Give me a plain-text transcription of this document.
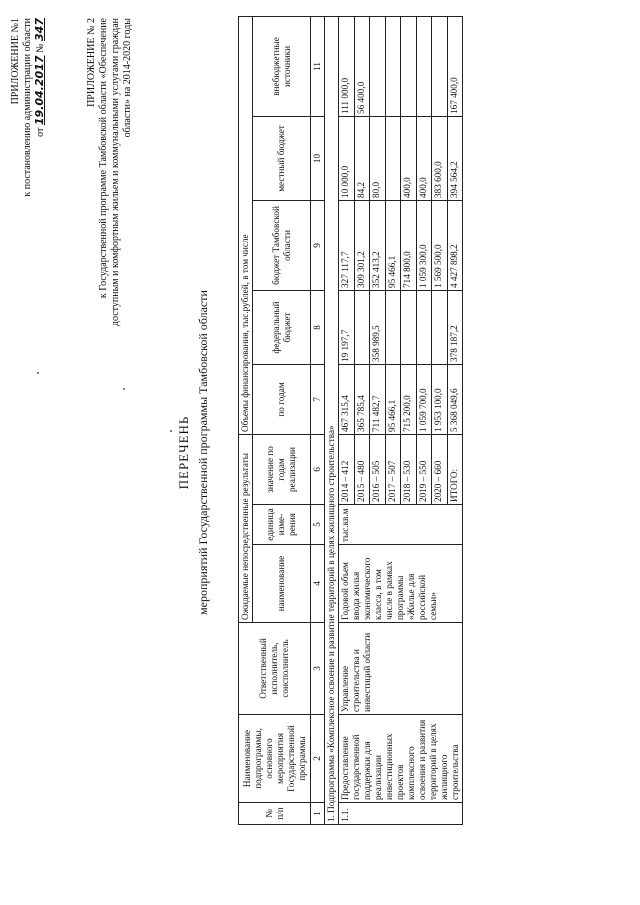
ПРИЛОЖЕНИЕ №1 к постановлению администрации области от 19.04.2017 № 347	ПРИЛОЖЕНИЕ № 2 к Государственной программе Тамбовской области «Обеспечение доступным и комфортным жильем и коммунальными услугами граждан области» на 2014-2020 годы
ПЕРЕЧЕНЬ мероприятий Государственной программы Тамбовской области
№ п/п	Наименование подпрограммы, основного мероприятия Государственной программы	Ответственный исполнитель, соисполнитель	Ожидаемые непосредственные результаты			Объемы финансирования, тыс.рублей, в том числе				
			наименование	единица изме-рения	значение по годам реализации	по годам	федеральный бюджет	бюджет Тамбовской области	местный бюджет	внебюджетные источники
1	2	3	4	5	6	7	8	9	10	11
1. Подпрограмма «Комплексное освоение и развитие территорий в целях жилищного строительства»										
1.1.	Предоставление государственной поддержки для реализации инвестиционных проектов комплексного освоения и развития территорий в целях жилищного строительства	Управление строительства и инвестиций области	Годовой объем ввода жилья экономического класса, в том числе в рамках программы «Жилье для российской семьи»	тыс.кв.м	2014 – 412	467 315,4	19 197,7	327 117,7	10 000,0	111 000,0
					2015 – 480	365 785,4		309 301,2	84,2	56 400,0
					2016 – 505	711 482,7	358 989,5	352 413,2	80,0	
					2017 – 507	95 466,1		95 466,1		
					2018 – 530	715 200,0		714 800,0	400,0	
					2019 – 550	1 059 700,0		1 059 300,0	400,0	
					2020 – 660	1 953 100,0		1 569 500,0	383 600,0	
					ИТОГО:	5 368 049,6	378 187,2	4 427 898,2	394 564,2	167 400,0
